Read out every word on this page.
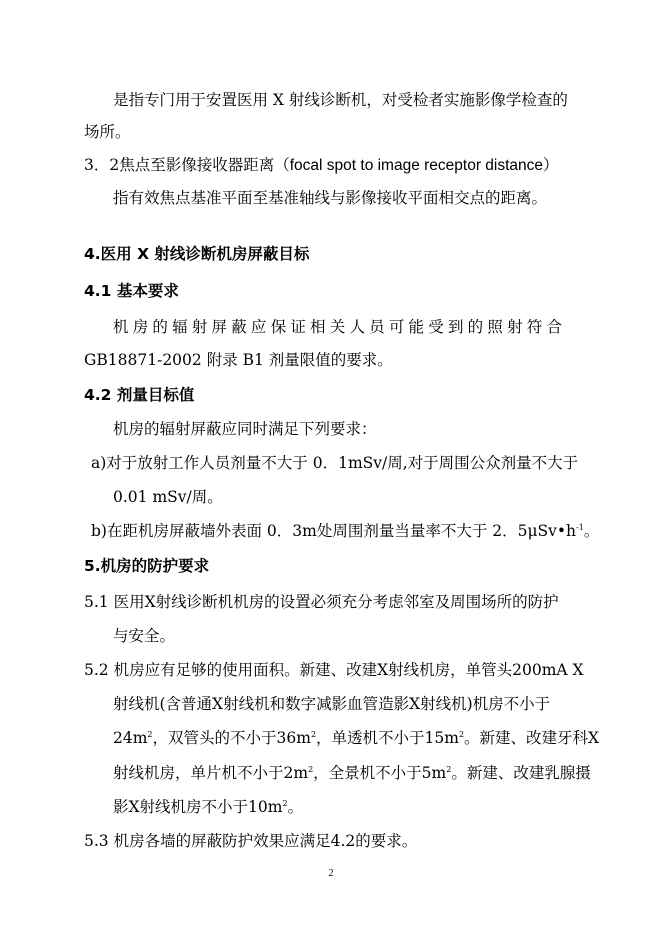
是指专门用于安置医用 X 射线诊断机，对受检者实施影像学检查的
场所。
3．2焦点至影像接收器距离（focal spot to image receptor distance）
指有效焦点基准平面至基准轴线与影像接收平面相交点的距离。
4.医用 X 射线诊断机房屏蔽目标
4.1 基本要求
机房的辐射屏蔽应保证相关人员可能受到的照射符合
GB18871-2002 附录 B1 剂量限值的要求。
4.2 剂量目标值
机房的辐射屏蔽应同时满足下列要求：
a)对于放射工作人员剂量不大于 0．1mSv/周,对于周围公众剂量不大于
0.01 mSv/周。
b)在距机房屏蔽墙外表面 0．3m处周围剂量当量率不大于 2．$5\mu Sv•h^{-1}$。
5.机房的防护要求
5.1 医用X射线诊断机机房的设置必须充分考虑邻室及周围场所的防护
与安全。
5.2 机房应有足够的使用面积。新建、改建X射线机房，单管头200mA X
射线机(含普通X射线机和数字减影血管造影X射线机)机房不小于
$24m^2$，双管头的不小于$36m^2$，单透机不小于$15m^2$。新建、改建牙科X
射线机房，单片机不小于$2m^2$，全景机不小于$5m^2$。新建、改建乳腺摄
影X射线机房不小于$10m^2$。
5.3 机房各墙的屏蔽防护效果应满足4.2的要求。
2
